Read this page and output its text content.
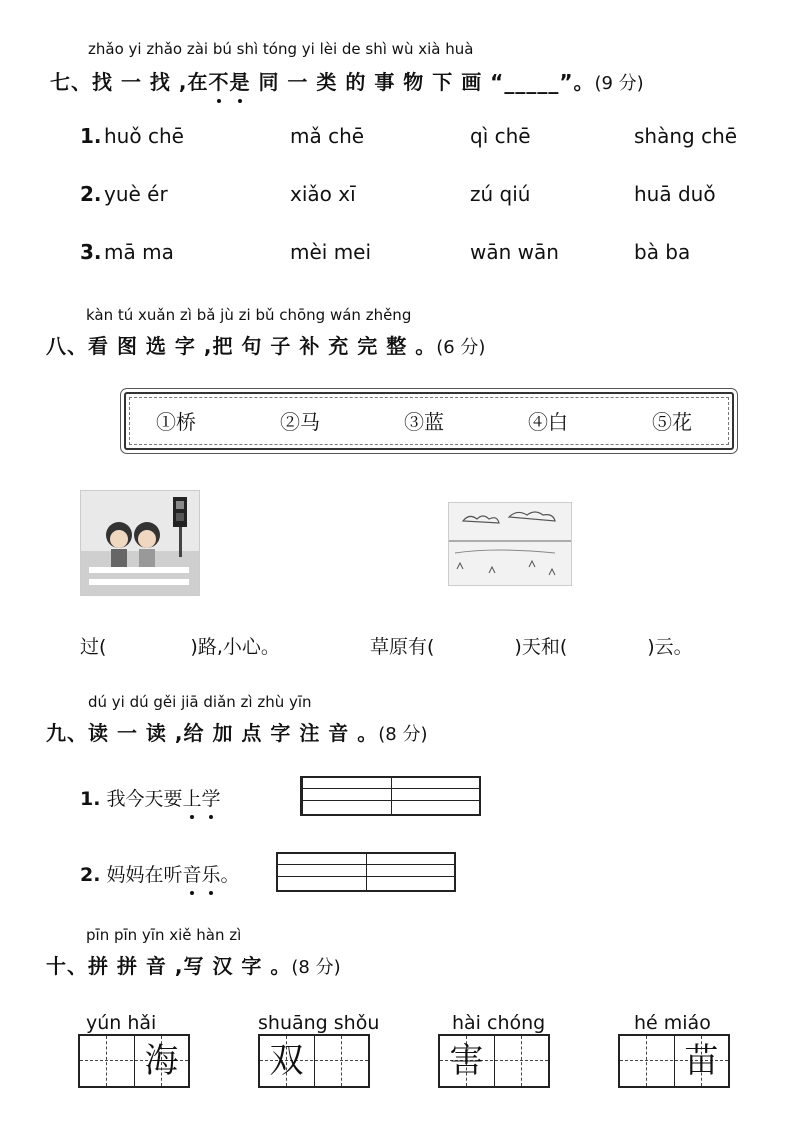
zhǎo yi zhǎo zài bú shì tóng yi lèi de shì wù xià huà
七、找 一 找 ,在不是 同 一 类 的 事 物 下 画 “_____”。(9 分)
1. huǒ chē	mǎ chē	qì chē	shàng chē
2. yuè ér	xiǎo xī	zú qiú	huā duǒ
3. mā ma	mèi mei	wān wān	bà ba
kàn tú xuǎn zì bǎ jù zi bǔ chōng wán zhěng
八、看 图 选 字 ,把 句 子 补 充 完 整 。(6 分)
①桥	②马	③蓝	④白	⑤花
过(	)路,小心。	草原有(	)天和(	)云。
dú yi dú gěi jiā diǎn zì zhù yīn
九、读 一 读 ,给 加 点 字 注 音 。(8 分)
1. 我今天要上学
2. 妈妈在听音乐。
pīn pīn yīn xiě hàn zì
十、拼 拼 音 ,写 汉 字 。(8 分)
yún hǎi
海
shuāng shǒu
双
hài chóng
害
hé miáo
苗
